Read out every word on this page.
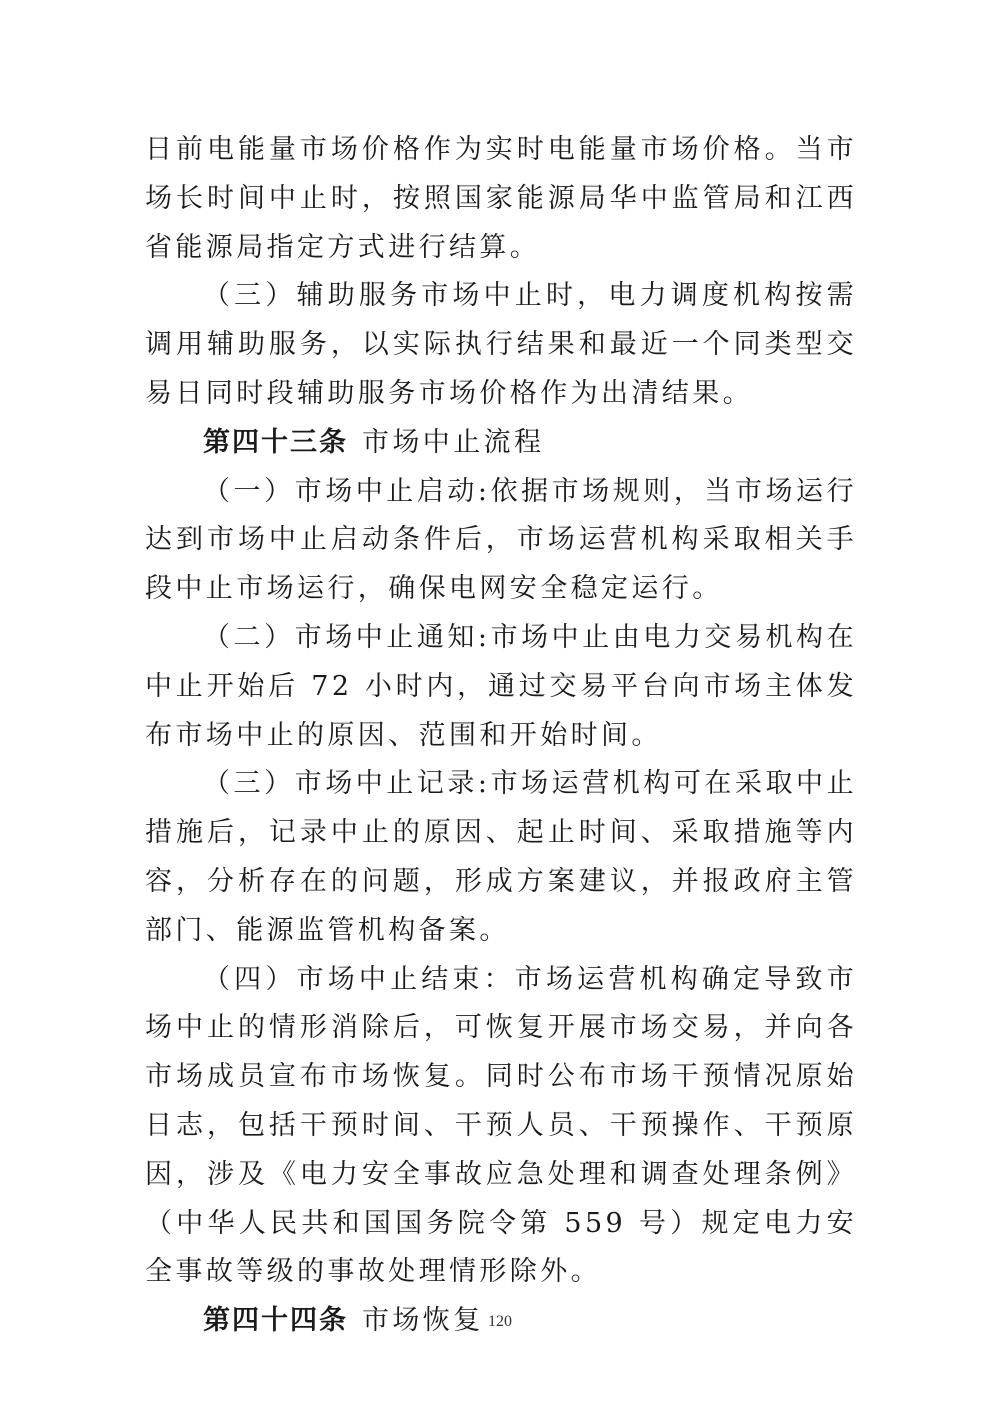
日前电能量市场价格作为实时电能量市场价格。当市场长时间中止时，按照国家能源局华中监管局和江西省能源局指定方式进行结算。

（三）辅助服务市场中止时，电力调度机构按需调用辅助服务，以实际执行结果和最近一个同类型交易日同时段辅助服务市场价格作为出清结果。

第四十三条 市场中止流程

（一）市场中止启动:依据市场规则，当市场运行达到市场中止启动条件后，市场运营机构采取相关手段中止市场运行，确保电网安全稳定运行。

（二）市场中止通知:市场中止由电力交易机构在中止开始后 72 小时内，通过交易平台向市场主体发布市场中止的原因、范围和开始时间。

（三）市场中止记录:市场运营机构可在采取中止措施后，记录中止的原因、起止时间、采取措施等内容，分析存在的问题，形成方案建议，并报政府主管部门、能源监管机构备案。

（四）市场中止结束：市场运营机构确定导致市场中止的情形消除后，可恢复开展市场交易，并向各市场成员宣布市场恢复。同时公布市场干预情况原始日志，包括干预时间、干预人员、干预操作、干预原因，涉及《电力安全事故应急处理和调查处理条例》（中华人民共和国国务院令第 559 号）规定电力安全事故等级的事故处理情形除外。

第四十四条 市场恢复 120
